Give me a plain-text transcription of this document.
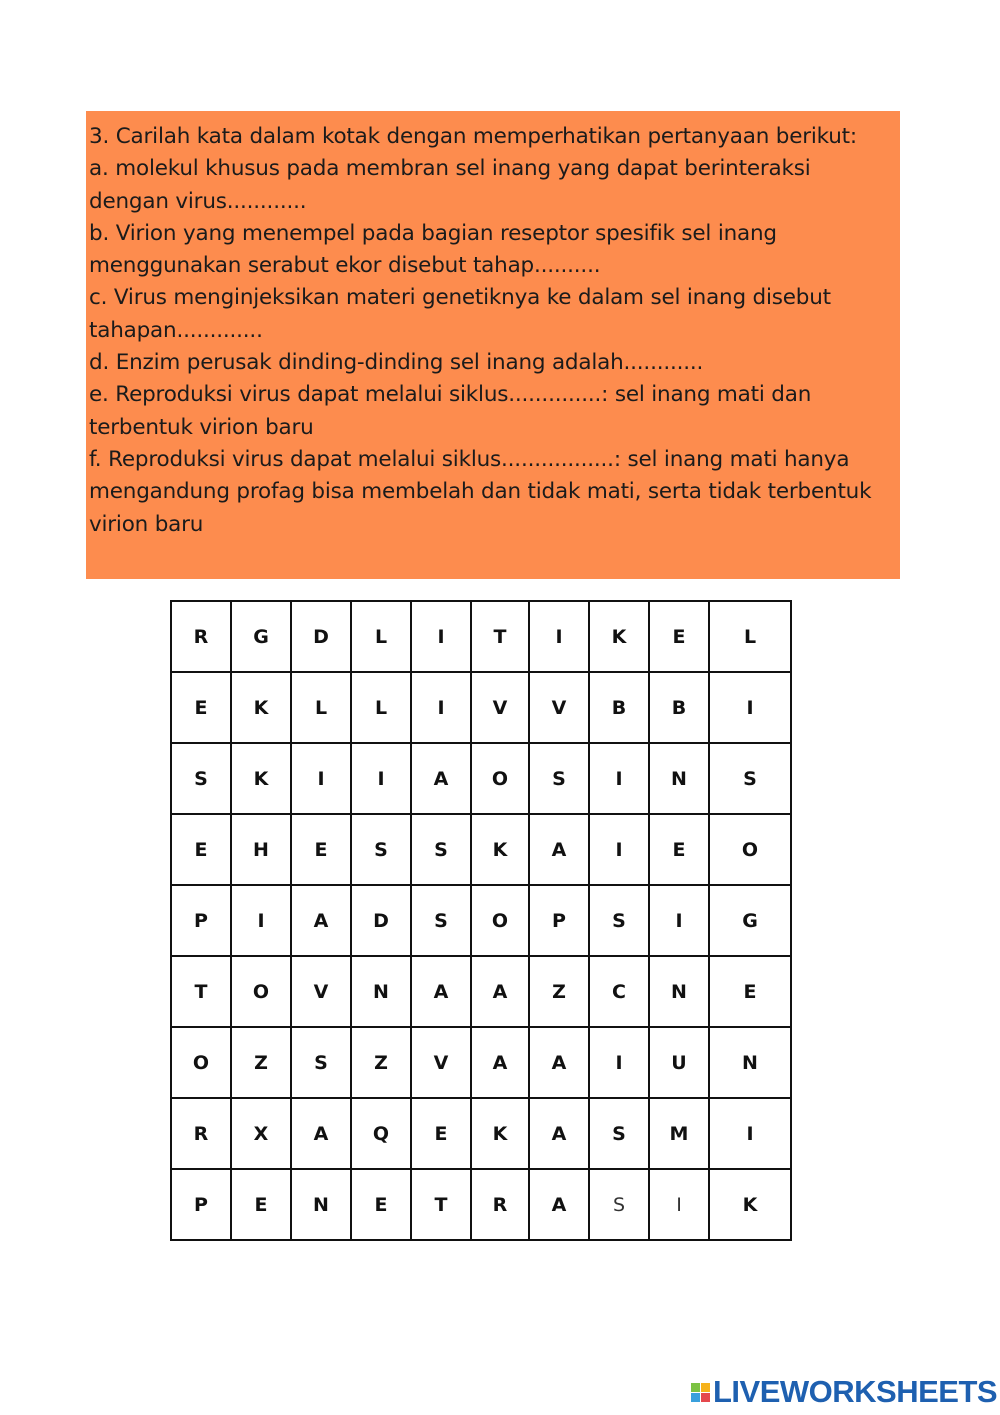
3. Carilah kata dalam kotak dengan memperhatikan pertanyaan berikut:

a. molekul khusus pada membran sel inang yang dapat berinteraksi dengan virus............

b. Virion yang menempel pada bagian reseptor spesifik sel inang menggunakan serabut ekor disebut tahap..........

c. Virus menginjeksikan materi genetiknya ke dalam sel inang disebut tahapan.............

d. Enzim perusak dinding-dinding sel inang adalah............

e. Reproduksi virus dapat melalui siklus..............: sel inang mati dan terbentuk virion baru

f. Reproduksi virus dapat melalui siklus.................: sel inang mati hanya mengandung profag bisa membelah dan tidak mati, serta tidak terbentuk virion baru

R	G	D	L	I	T	I	K	E	L
E	K	L	L	I	V	V	B	B	I
S	K	I	I	A	O	S	I	N	S
E	H	E	S	S	K	A	I	E	O
P	I	A	D	S	O	P	S	I	G
T	O	V	N	A	A	Z	C	N	E
O	Z	S	Z	V	A	A	I	U	N
R	X	A	Q	E	K	A	S	M	I
P	E	N	E	T	R	A	S	I	K
LIVEWORKSHEETS
